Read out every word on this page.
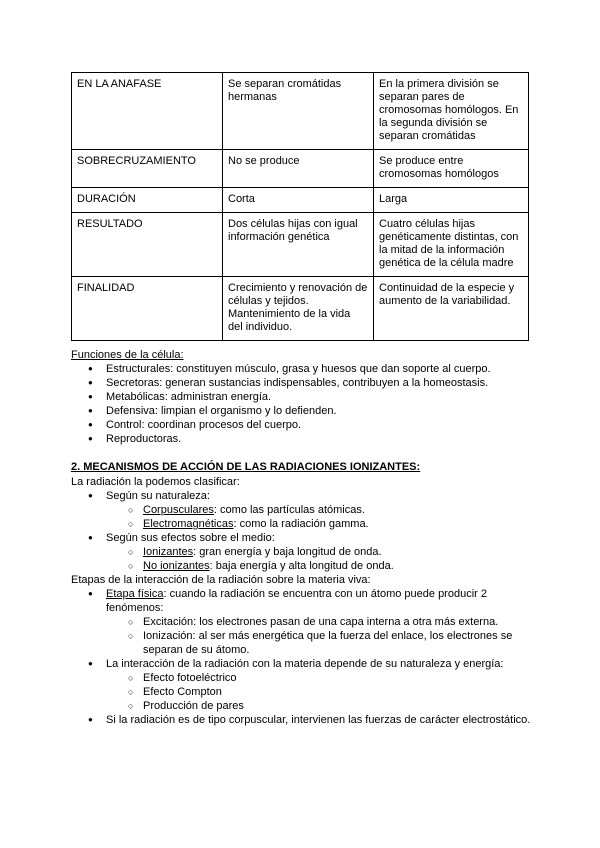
EN LA ANAFASE	Se separan cromátidas hermanas	En la primera división se separan pares de cromosomas homólogos. En la segunda división se separan cromátidas
SOBRECRUZAMIENTO	No se produce	Se produce entre cromosomas homólogos
DURACIÓN	Corta	Larga
RESULTADO	Dos células hijas con igual información genética	Cuatro células hijas genéticamente distintas, con la mitad de la información genética de la célula madre
FINALIDAD	Crecimiento y renovación de células y tejidos. Mantenimiento de la vida del individuo.	Continuidad de la especie y aumento de la variabilidad.

Funciones de la célula:

● Estructurales: constituyen músculo, grasa y huesos que dan soporte al cuerpo.
● Secretoras: generan sustancias indispensables, contribuyen a la homeostasis.
● Metabólicas: administran energía.
● Defensiva: limpian el organismo y lo defienden.
● Control: coordinan procesos del cuerpo.
● Reproductoras.

2. MECANISMOS DE ACCIÓN DE LAS RADIACIONES IONIZANTES:

La radiación la podemos clasificar:

● Según su naturaleza:
○ Corpusculares: como las partículas atómicas.
○ Electromagnéticas: como la radiación gamma.
● Según sus efectos sobre el medio:
○ Ionizantes: gran energía y baja longitud de onda.
○ No ionizantes: baja energía y alta longitud de onda.

Etapas de la interacción de la radiación sobre la materia viva:

● Etapa física: cuando la radiación se encuentra con un átomo puede producir 2 fenómenos:
○ Excitación: los electrones pasan de una capa interna a otra más externa.
○ Ionización: al ser más energética que la fuerza del enlace, los electrones se separan de su átomo.
● La interacción de la radiación con la materia depende de su naturaleza y energía:
○ Efecto fotoeléctrico
○ Efecto Compton
○ Producción de pares
● Si la radiación es de tipo corpuscular, intervienen las fuerzas de carácter electrostático.
